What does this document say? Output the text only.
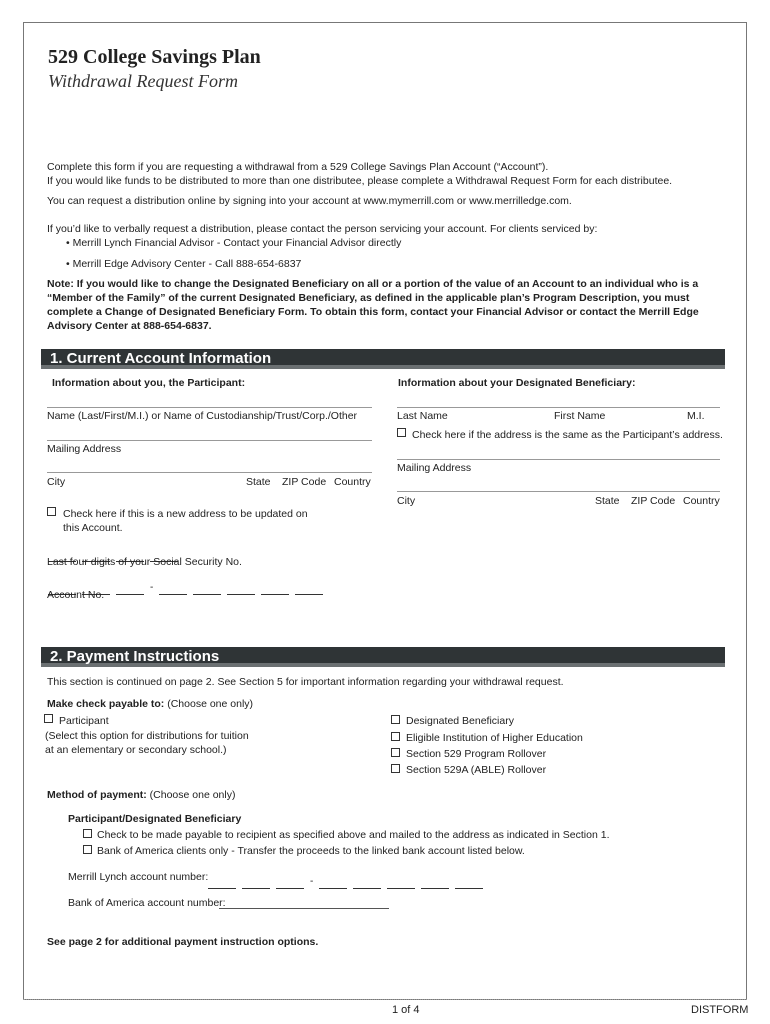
529 College Savings Plan
Withdrawal Request Form
Complete this form if you are requesting a withdrawal from a 529 College Savings Plan Account (“Account”).
If you would like funds to be distributed to more than one distributee, please complete a Withdrawal Request Form for each distributee.
You can request a distribution online by signing into your account at www.mymerrill.com or www.merrilledge.com.
If you’d like to verbally request a distribution, please contact the person servicing your account. For clients serviced by:
• Merrill Lynch Financial Advisor - Contact your Financial Advisor directly
• Merrill Edge Advisory Center - Call 888-654-6837
Note: If you would like to change the Designated Beneficiary on all or a portion of the value of an Account to an individual who is a “Member of the Family” of the current Designated Beneficiary, as defined in the applicable plan’s Program Description, you must complete a Change of Designated Beneficiary Form. To obtain this form, contact your Financial Advisor or contact the Merrill Edge Advisory Center at 888-654-6837.
1. Current Account Information
Information about you, the Participant:	Information about your Designated Beneficiary:
Name (Last/First/M.I.) or Name of Custodianship/Trust/Corp./Other
Mailing Address
City	State ZIP Code Country
Check here if this is a new address to be updated on
this Account.
Last four digits of your Social Security No.
-
Account No.
Last Name	First Name	M.I.
Check here if the address is the same as the Participant’s address.
Mailing Address
City	State ZIP Code Country
2. Payment Instructions
This section is continued on page 2. See Section 5 for important information regarding your withdrawal request.
Make check payable to: (Choose one only)
Participant
(Select this option for distributions for tuition
at an elementary or secondary school.)
Designated Beneficiary
Eligible Institution of Higher Education
Section 529 Program Rollover
Section 529A (ABLE) Rollover
Method of payment: (Choose one only)
Participant/Designated Beneficiary
Check to be made payable to recipient as specified above and mailed to the address as indicated in Section 1.
Bank of America clients only - Transfer the proceeds to the linked bank account listed below.
Merrill Lynch account number:	-
Bank of America account number:
See page 2 for additional payment instruction options.
1 of 4	DISTFORM
